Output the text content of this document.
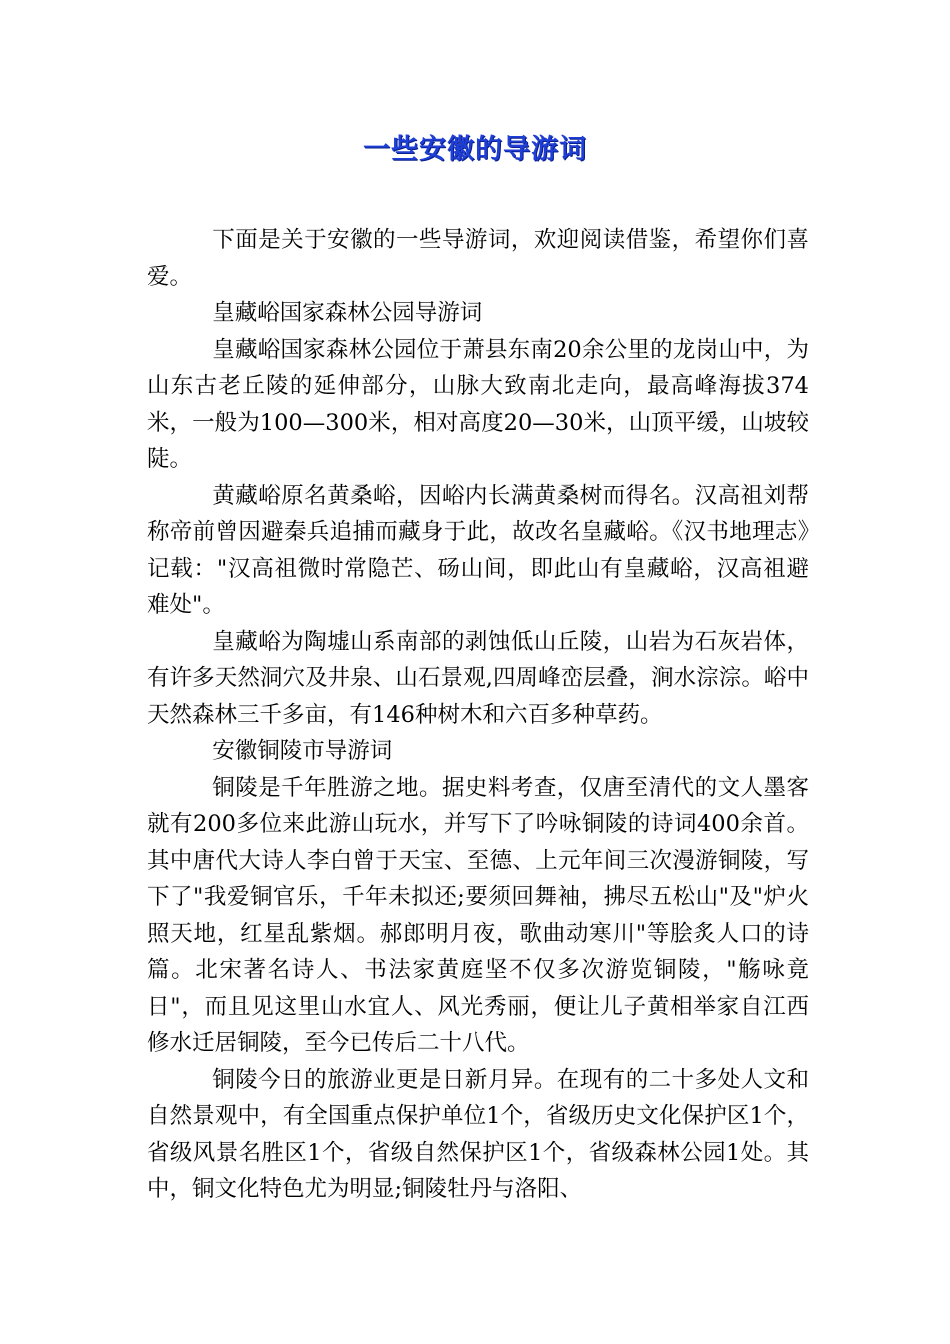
一些安徽的导游词

下面是关于安徽的一些导游词，欢迎阅读借鉴，希望你们喜爱。

皇藏峪国家森林公园导游词

皇藏峪国家森林公园位于萧县东南20余公里的龙岗山中，为山东古老丘陵的延伸部分，山脉大致南北走向，最高峰海拔374米，一般为100—300米，相对高度20—30米，山顶平缓，山坡较陡。

黄藏峪原名黄桑峪，因峪内长满黄桑树而得名。汉高祖刘帮称帝前曾因避秦兵追捕而藏身于此，故改名皇藏峪。《汉书地理志》记载："汉高祖微时常隐芒、砀山间，即此山有皇藏峪，汉高祖避难处"。

皇藏峪为陶墟山系南部的剥蚀低山丘陵，山岩为石灰岩体，有许多天然洞穴及井泉、山石景观,四周峰峦层叠，涧水淙淙。峪中天然森林三千多亩，有146种树木和六百多种草药。

安徽铜陵市导游词

铜陵是千年胜游之地。据史料考查，仅唐至清代的文人墨客就有200多位来此游山玩水，并写下了吟咏铜陵的诗词400余首。其中唐代大诗人李白曾于天宝、至德、上元年间三次漫游铜陵，写下了"我爱铜官乐，千年未拟还;要须回舞袖，拂尽五松山"及"炉火照天地，红星乱紫烟。郝郎明月夜，歌曲动寒川"等脍炙人口的诗篇。北宋著名诗人、书法家黄庭坚不仅多次游览铜陵，"觞咏竟日"，而且见这里山水宜人、风光秀丽，便让儿子黄相举家自江西修水迁居铜陵，至今已传后二十八代。

铜陵今日的旅游业更是日新月异。在现有的二十多处人文和自然景观中，有全国重点保护单位1个，省级历史文化保护区1个，省级风景名胜区1个，省级自然保护区1个，省级森林公园1处。其中，铜文化特色尤为明显;铜陵牡丹与洛阳、
